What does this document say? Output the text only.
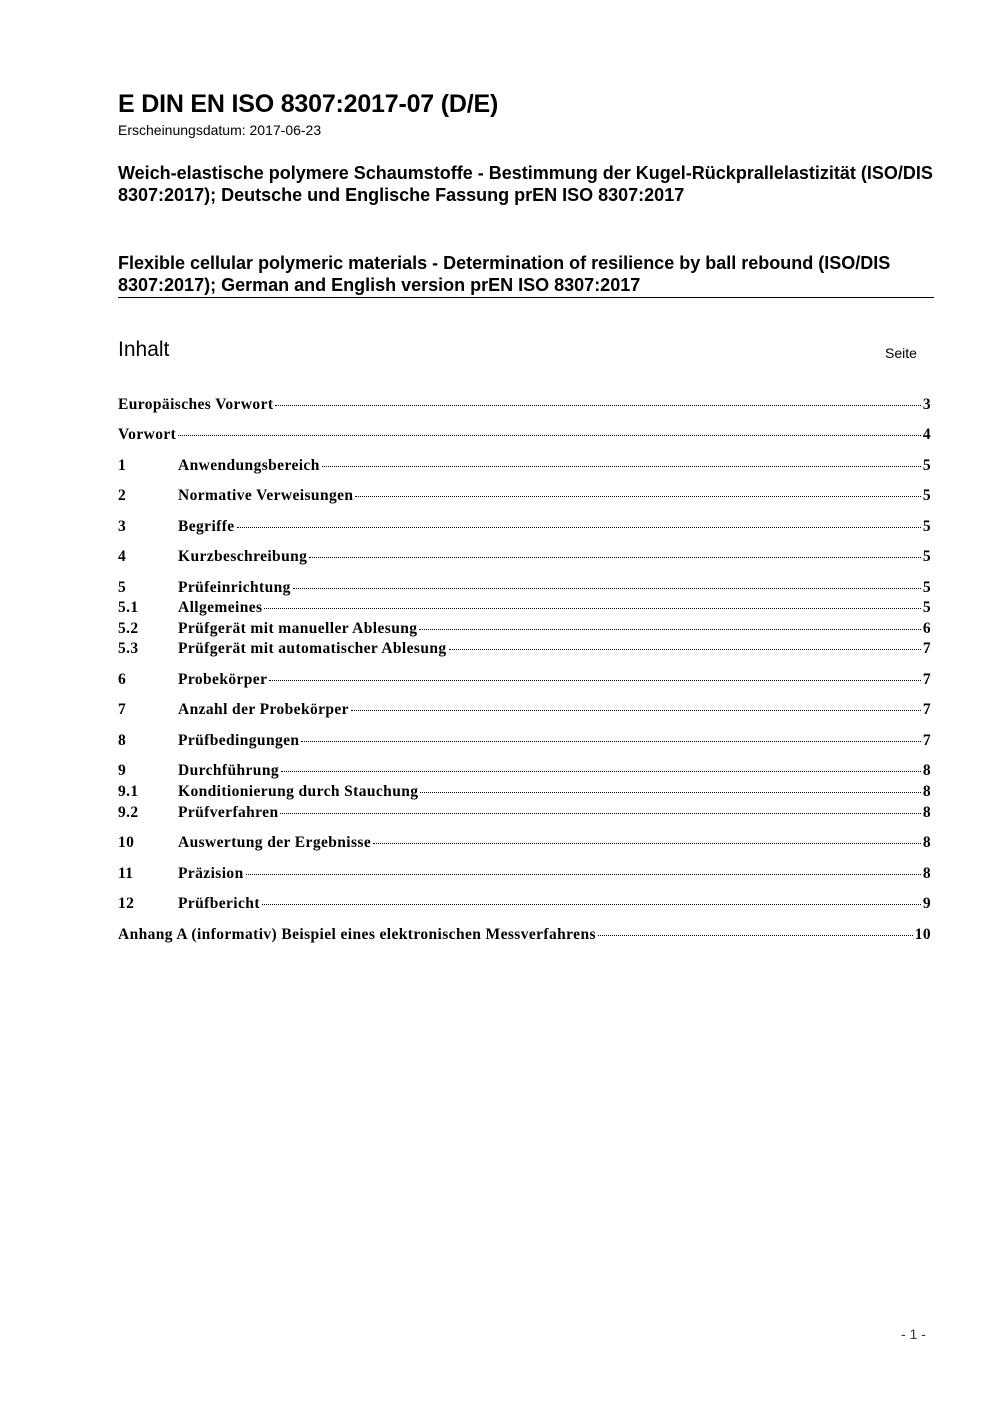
E DIN EN ISO 8307:2017-07 (D/E)
Erscheinungsdatum: 2017-06-23
Weich-elastische polymere Schaumstoffe - Bestimmung der Kugel-Rückprallelastizität (ISO/DIS 8307:2017); Deutsche und Englische Fassung prEN ISO 8307:2017
Flexible cellular polymeric materials - Determination of resilience by ball rebound (ISO/DIS 8307:2017); German and English version prEN ISO 8307:2017
Inhalt	Seite
Europäisches Vorwort	3
Vorwort	4
1	Anwendungsbereich	5
2	Normative Verweisungen	5
3	Begriffe	5
4	Kurzbeschreibung	5
5	Prüfeinrichtung	5
5.1	Allgemeines	5
5.2	Prüfgerät mit manueller Ablesung	6
5.3	Prüfgerät mit automatischer Ablesung	7
6	Probekörper	7
7	Anzahl der Probekörper	7
8	Prüfbedingungen	7
9	Durchführung	8
9.1	Konditionierung durch Stauchung	8
9.2	Prüfverfahren	8
10	Auswertung der Ergebnisse	8
11	Präzision	8
12	Prüfbericht	9
Anhang A (informativ) Beispiel eines elektronischen Messverfahrens	10
- 1 -
